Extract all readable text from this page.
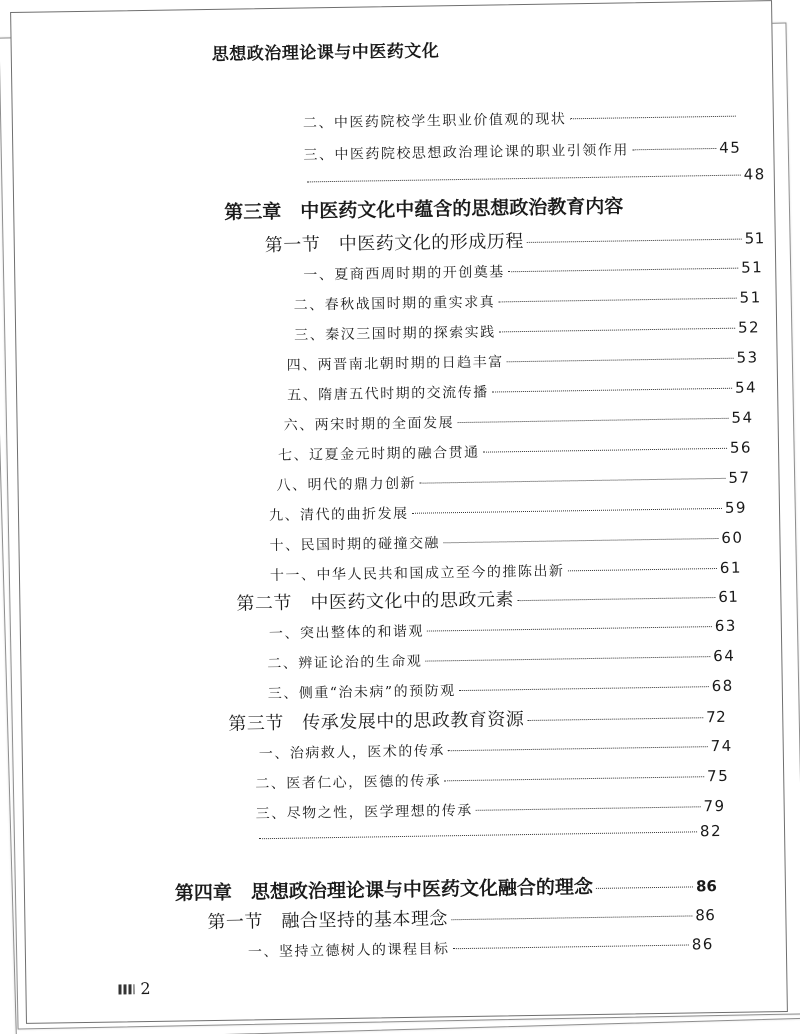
思想政治理论课与中医药文化
二、中医药院校学生职业价值观的现状
三、中医药院校思想政治理论课的职业引领作用	45
48
第三章　中医药文化中蕴含的思想政治教育内容
第一节　中医药文化的形成历程	51
一、夏商西周时期的开创奠基	51
二、春秋战国时期的重实求真	51
三、秦汉三国时期的探索实践	52
四、两晋南北朝时期的日趋丰富	53
五、隋唐五代时期的交流传播	54
六、两宋时期的全面发展	54
七、辽夏金元时期的融合贯通	56
八、明代的鼎力创新	57
九、清代的曲折发展	59
十、民国时期的碰撞交融	60
十一、中华人民共和国成立至今的推陈出新	61
第二节　中医药文化中的思政元素	61
一、突出整体的和谐观	63
二、辨证论治的生命观	64
三、侧重“治未病”的预防观	68
第三节　传承发展中的思政教育资源	72
一、治病救人，医术的传承	74
二、医者仁心，医德的传承	75
三、尽物之性，医学理想的传承	79
82
第四章　思想政治理论课与中医药文化融合的理念	86
第一节　融合坚持的基本理念	86
一、坚持立德树人的课程目标	86
2
